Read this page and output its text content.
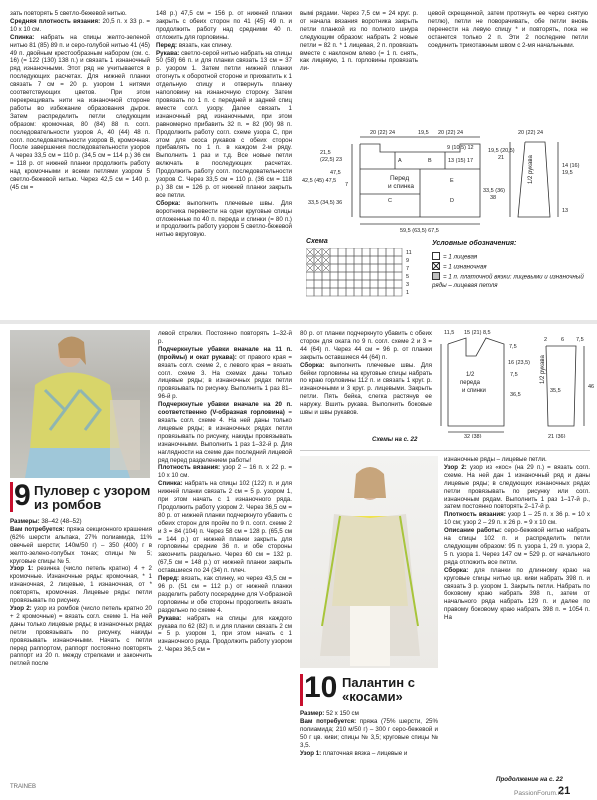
зать повторять 5 светло-бежевой нитью.

Средняя плотность вязания: 20,5 п. х 33 р. = 10 х 10 см.

Спинка: набрать на спицы желто-зеленой нитью 81 (85) 89 п. и серо-голубой нитью 41 (45) 49 п. двойным крестообразным набором (см. с. 16) (= 122 (130) 138 п.) и связать 1 изнаночный ряд изнаночными. Этот ряд не учитывается в последующих расчетах. Для нижней планки связать 7 см = 20 р. узором 1 нитями соответствующих цветов. При этом перекрещивать нити на изнаночной стороне работы во избежание образования дырок. Затем распределить петли следующим образом: кромочная, 80 (84) 88 п. согл. последовательности узоров А, 40 (44) 48 п. согл. последовательности узоров В, кромочная. После завершения последовательности узоров А через 33,5 см = 110 р. (34,5 см = 114 р.) 36 см = 118 р. от нижней планки продолжить работу над кромочными и всеми петлями узором 5 светло-бежевой нитью. Через 42,5 см = 140 р. (45 см =

148 р.) 47,5 см = 156 р. от нижней планки закрыть с обеих сторон по 41 (45) 49 п. и продолжить работу над средними 40 п. отложить для горловины.

Перед: вязать, как спинку.

Рукава: светло-серой нитью набрать на спицы 50 (58) 66 п. и для планки связать 13 см = 37 р. узором 1. Затем петли нижней планки отогнуть к оборотной стороне и прихватить к 1 отдельную спицу и отвернуть планку наполовину на изнаночную сторону. Затем провязать по 1 п. с передней и задней спиц вместе согл. узору. Далее связать 1 изнаночный ряд изнаночными, при этом равномерно прибавить 32 п. = 82 (90) 98 п. Продолжить работу согл. схеме узора С, при этом для скоса рукавов с обеих сторон прибавлять по 1 п. в каждом 2-м ряду. Выполнить 1 раз и т.д. Все новые петли включать в последующих расчетах. Продолжить работу согл. последовательности узоров С. Через 33,5 см = 110 р. (36 см = 118 р.) 38 см = 126 р. от нижней планки закрыть все петли.

Сборка: выполнить плечевые швы. Для воротника перевести на одни круговые спицы отложенные по 40 п. переда и спинки (= 80 п.) и продолжить работу узором 5 светло-бежевой нитью вкруговую.

вымi рядами. Через 7,5 см = 24 круг. р. от начала вязания воротника закрыть петли планкой из по полного шнура следующим образом: набрать 2 новые петли = 82 п. * 1 лицевая, 2 п. провязать вместе с наклоном влево (= 1 п. снять, как лицевую, 1 п. горловины провязать ли-

цевой скрещенной, затем протянуть ее через снятую петлю), петли не поворачивать, обе петли вновь перенести на левую спицу * и повторять, пока не останется только 2 п. Эти 2 последние петли соединить трикотажным швом с 2-мя начальными.

Перед
и спинка
1/2 рукава
20 (22) 24	19,5 20 (22) 24
9 (10,5) 12
13 (15) 17
21,5
(22,5) 23
47,5
42,5 (45) 47,5
7
33,5 (34,5) 36
59,5 (63,5) 67,5
A	B
C	D
E
19,5 (20,5)
21
14 (16)
19,5
33,5 (36)
38
13
20 (22) 24
Схема
11
9
7
5
3
1
Условные обозначения:
= 1 лицевая
= 1 изнаночная
= 1 п. платочной вязки: лицевыми и изнаночный ряды – лицевая петля
9 Пуловер с узором из ромбов

Размеры: 38–42 (48–52)

Вам потребуется: пряжа секционного крашения (62% шерсти альпака, 27% полиамида, 11% овечьей шерсти; 140м/50 г) – 350 (400) г в желто-зелено-голубых тонах; спицы № 5; круговые спицы № 5.

Узор 1: резинка (число петель кратно) 4 + 2 кромочные. Изнаночные ряды: кромочная, * 1 изнаночная, 2 лицевые, 1 изнаночная, от * повторять, кромочная. Лицевые ряды: петли провязывать по рисунку.

Узор 2: узор из ромбов (число петель кратно 20 + 2 кромочные) = вязать согл. схеме 1. На ней даны только лицевые ряды; в изнаночных рядах петли провязывать по рисунку, накиды провязывать изнаночными. Начать с петли перед раппортом, раппорт постоянно повторять раппорт из 20 п. между стрелками и закончить петлей после

левой стрелки. Постоянно повторять 1–32-й р.

Подчеркнутые убавки вначале на 11 п. (проймы) и окат рукава): от правого края = вязать согл. схеме 2, с левого края = вязать согл. схеме 3. На схемах даны только лицевые ряды; в изнаночных рядах петли провязывать по рисунку. Выполнить 1 раз 81–96-й р.

Подчеркнутые убавки вначале на 20 п. соответственно (V-образная горловина) = вязать согл. схеме 4. На ней даны только лицевые ряды; в изнаночных рядах петли провязывать по рисунку, накиды провязывать изнаночными. Выполнить 1 раз 1–32-й р. Для наглядности на схеме дан последний лицевой ряд перед разделением работы!

Плотность вязания: узор 2 – 16 п. х 22 р. = 10 х 10 см.

Спинка: набрать на спицы 102 (122) п. и для нижней планки связать 2 см = 5 р. узором 1, при этом начать с 1 изнаночного ряда. Продолжить работу узором 2. Через 36,5 см = 80 р. от нижней планки подчеркнуто убавить с обеих сторон для пройм по 9 п. согл. схеме 2 и 3 = 84 (104) п. Через 58 см = 128 р. (65,5 см = 144 р.) от нижней планки закрыть для горловины средние 36 п. и обе стороны закончить раздельно. Через 60 см = 132 р. (67,5 см = 148 р.) от нижней планки закрыть оставшиеся по 24 (34) п. плеч.

Перед: вязать, как спинку, но через 43,5 см = 96 р. (51 см = 112 р.) от нижней планки разделить работу посередине для V-образной горловины и обе стороны продолжить вязать раздельно по схеме 4.

Рукава: набрать на спицы для каждого рукава по 62 (82) п. и для планки связать 2 см = 5 р. узором 1, при этом начать с 1 изнаночного ряда. Продолжить работу узором 2. Через 36,5 см =

80 р. от планки подчеркнуто убавить с обеих сторон для оката по 9 п. согл. схеме 2 и 3 = 44 (64) п. Через 44 см = 96 р. от планки закрыть оставшиеся 44 (64) п.

Сборка: выполнить плечевые швы. Для бейки горловины на круговые спицы набрать по краю горловины 112 п. и связать 1 круг. р. изнаночными и 3 круг. р. лицевыми. Закрыть петли. Пять бейка, слегка растянув ее наружу. Вшить рукава. Выполнить боковые швы и швы рукавов.

Схемы на с. 22
11,5 15 (21) 8,5
7,5
16 (23,5)
7,5
1/2
переда
и спинки
36,5
46
35,5
32 (38)	21 (36)
2	6 7,5
1/2 рукава
10 Палантин с «косами»

Размер: 52 х 150 см

Вам потребуется: пряжа (75% шерсти, 25% полиамида; 210 м/50 г) – 300 г серо-бежевой и 50 г цв. киви; спицы № 3,5; круговые спицы № 3,5.

Узор 1: платочная вязка – лицевые и

изнаночные ряды – лицевые петли.

Узор 2: узор из «кос» (на 29 п.) = вязать согл. схеме. На ней дан 1 изнаночный ряд и даны лицевые ряды; в следующих изнаночных рядах петли провязывать по рисунку или согл. изнаночным рядам. Выполнить 1 раз 1–17-й р., затем постоянно повторять 2–17-й р.

Плотность вязания: узор 1 – 25 п. х 36 р. = 10 х 10 см; узор 2 – 29 п. х 26 р. = 9 х 10 см.

Описание работы: серо-бежевой нитью набрать на спицы 102 п. и распределить петли следующим образом: 95 п. узора 1, 29 п. узора 2, 5 п. узора 1. Через 147 см = 529 р. от начального ряда отложить все петли.

Сборка: для планки по длинному краю на круговые спицы нитью цв. киви набрать 398 п. и связать 3 р. узором 1. Закрыть петли. Набрать по боковому краю набрать 398 п., затем от начального ряда набрать 129 п. и далее по правому боковому краю набрать 398 п. = 1054 п. На

TRAINEB
Продолжение на с. 22
21
PassionForum.ru
